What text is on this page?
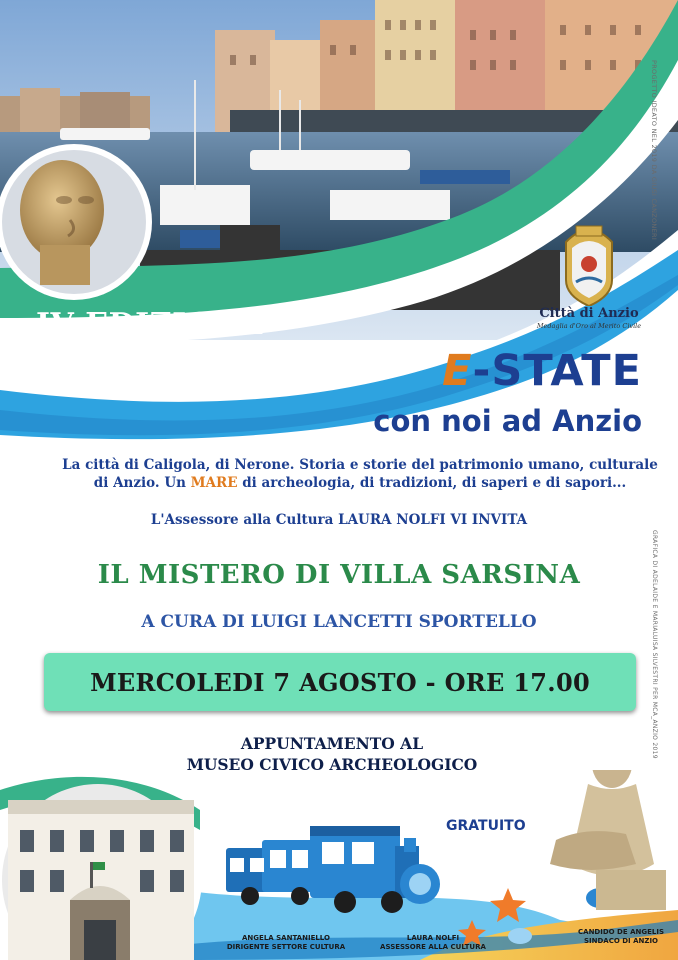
IV EDIZIONE
2019
PROGETTO IDEATO NEL 2019 DA GIUSI CANZONERI
Città di Anzio
Medaglia d'Oro al Merito Civile
E-STATE
con noi ad Anzio
La città di Caligola, di Nerone. Storia e storie del patrimonio umano, culturale di Anzio. Un MARE di archeologia, di tradizioni, di saperi e di sapori...
L'Assessore alla Cultura LAURA NOLFI VI INVITA
IL MISTERO DI VILLA SARSINA
A CURA DI LUIGI LANCETTI SPORTELLO
MERCOLEDI 7 AGOSTO - ORE 17.00	GRAFICA DI ADELAIDE E MARIALUISA SILVESTRI PER MCA_ANZIO 2019
APPUNTAMENTO AL
MUSEO CIVICO ARCHEOLOGICO
GRATUITO
ANGELA SANTANIELLO
DIRIGENTE SETTORE CULTURA
LAURA NOLFI
ASSESSORE ALLA CULTURA
CANDIDO DE ANGELIS
SINDACO DI ANZIO
